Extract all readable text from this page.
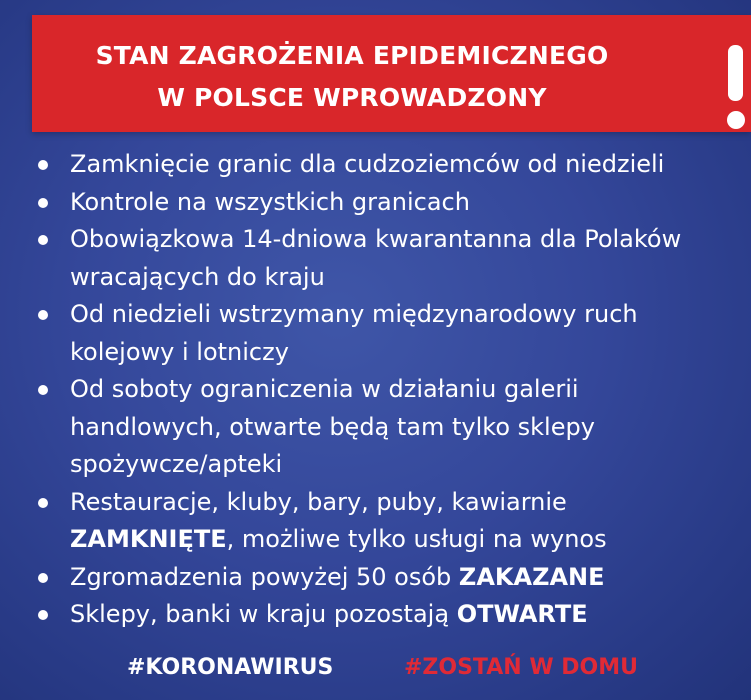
STAN ZAGROŻENIA EPIDEMICZNEGO
W POLSCE WPROWADZONY
Zamknięcie granic dla cudzoziemców od niedzieli
Kontrole na wszystkich granicach
Obowiązkowa 14-dniowa kwarantanna dla Polaków wracających do kraju
Od niedzieli wstrzymany międzynarodowy ruch kolejowy i lotniczy
Od soboty ograniczenia w działaniu galerii handlowych, otwarte będą tam tylko sklepy spożywcze/apteki
Restauracje, kluby, bary, puby, kawiarnie
ZAMKNIĘTE, możliwe tylko usługi na wynos
Zgromadzenia powyżej 50 osób ZAKAZANE
Sklepy, banki w kraju pozostają OTWARTE
#KORONAWIRUS	#ZOSTAŃ W DOMU
